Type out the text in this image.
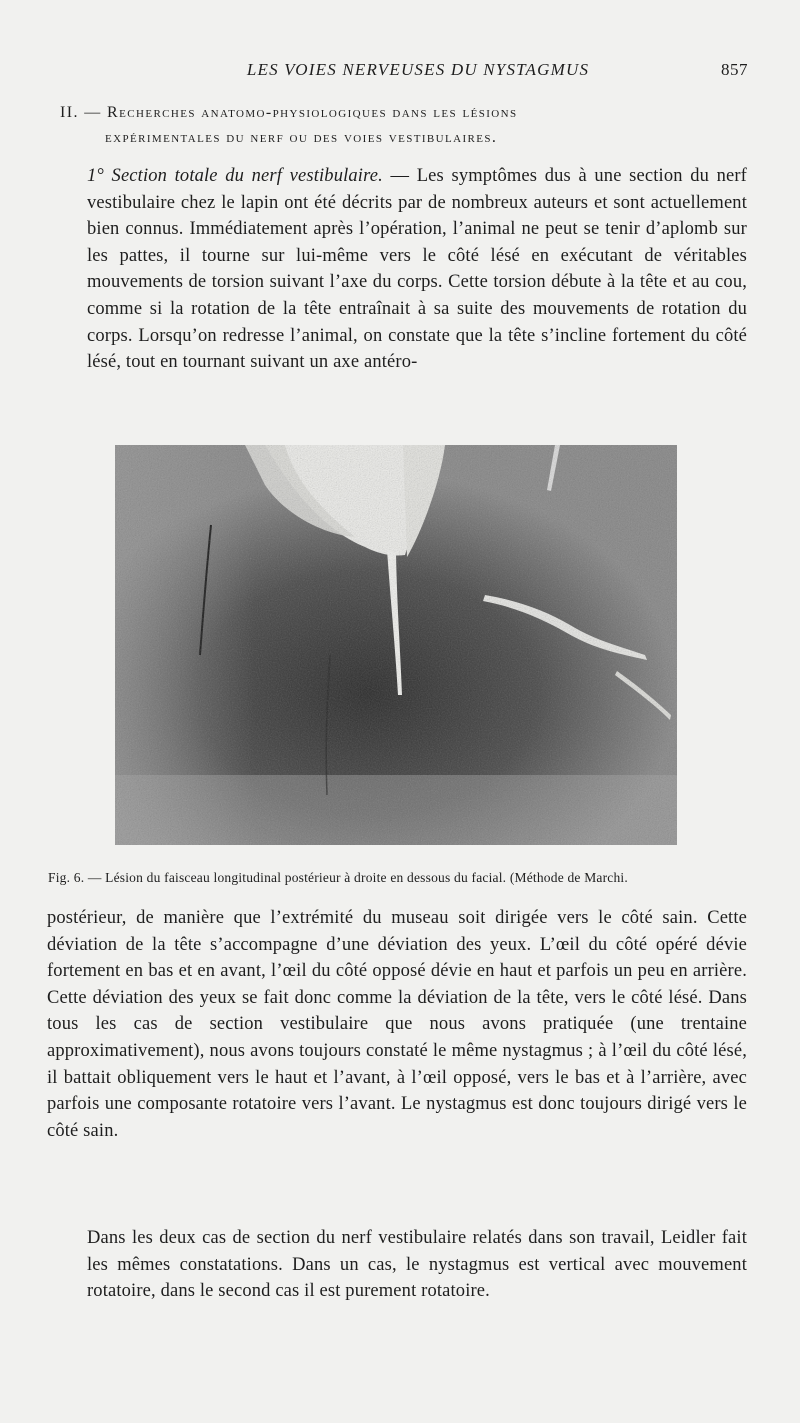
LES VOIES NERVEUSES DU NYSTAGMUS	857
II. — Recherches anatomo-physiologiques dans les lésions
expérimentales du nerf ou des voies vestibulaires.

1° Section totale du nerf vestibulaire. — Les symptômes dus à une section du nerf vestibulaire chez le lapin ont été décrits par de nombreux auteurs et sont actuellement bien connus. Immédiatement après l’opération, l’animal ne peut se tenir d’aplomb sur les pattes, il tourne sur lui-même vers le côté lésé en exécutant de véritables mouvements de torsion suivant l’axe du corps. Cette torsion débute à la tête et au cou, comme si la rotation de la tête entraînait à sa suite des mouvements de rotation du corps. Lorsqu’on redresse l’animal, on constate que la tête s’incline fortement du côté lésé, tout en tournant suivant un axe antéro-

Fig. 6. — Lésion du faisceau longitudinal postérieur à droite en dessous du facial. (Méthode de Marchi.

postérieur, de manière que l’extrémité du museau soit dirigée vers le côté sain. Cette déviation de la tête s’accompagne d’une déviation des yeux. L’œil du côté opéré dévie fortement en bas et en avant, l’œil du côté opposé dévie en haut et parfois un peu en arrière. Cette déviation des yeux se fait donc comme la déviation de la tête, vers le côté lésé. Dans tous les cas de section vestibulaire que nous avons pratiquée (une trentaine approximativement), nous avons toujours constaté le même nystagmus ; à l’œil du côté lésé, il battait obliquement vers le haut et l’avant, à l’œil opposé, vers le bas et à l’arrière, avec parfois une composante rotatoire vers l’avant. Le nystagmus est donc toujours dirigé vers le côté sain.

Dans les deux cas de section du nerf vestibulaire relatés dans son travail, Leidler fait les mêmes constatations. Dans un cas, le nystagmus est vertical avec mouvement rotatoire, dans le second cas il est purement rotatoire.
